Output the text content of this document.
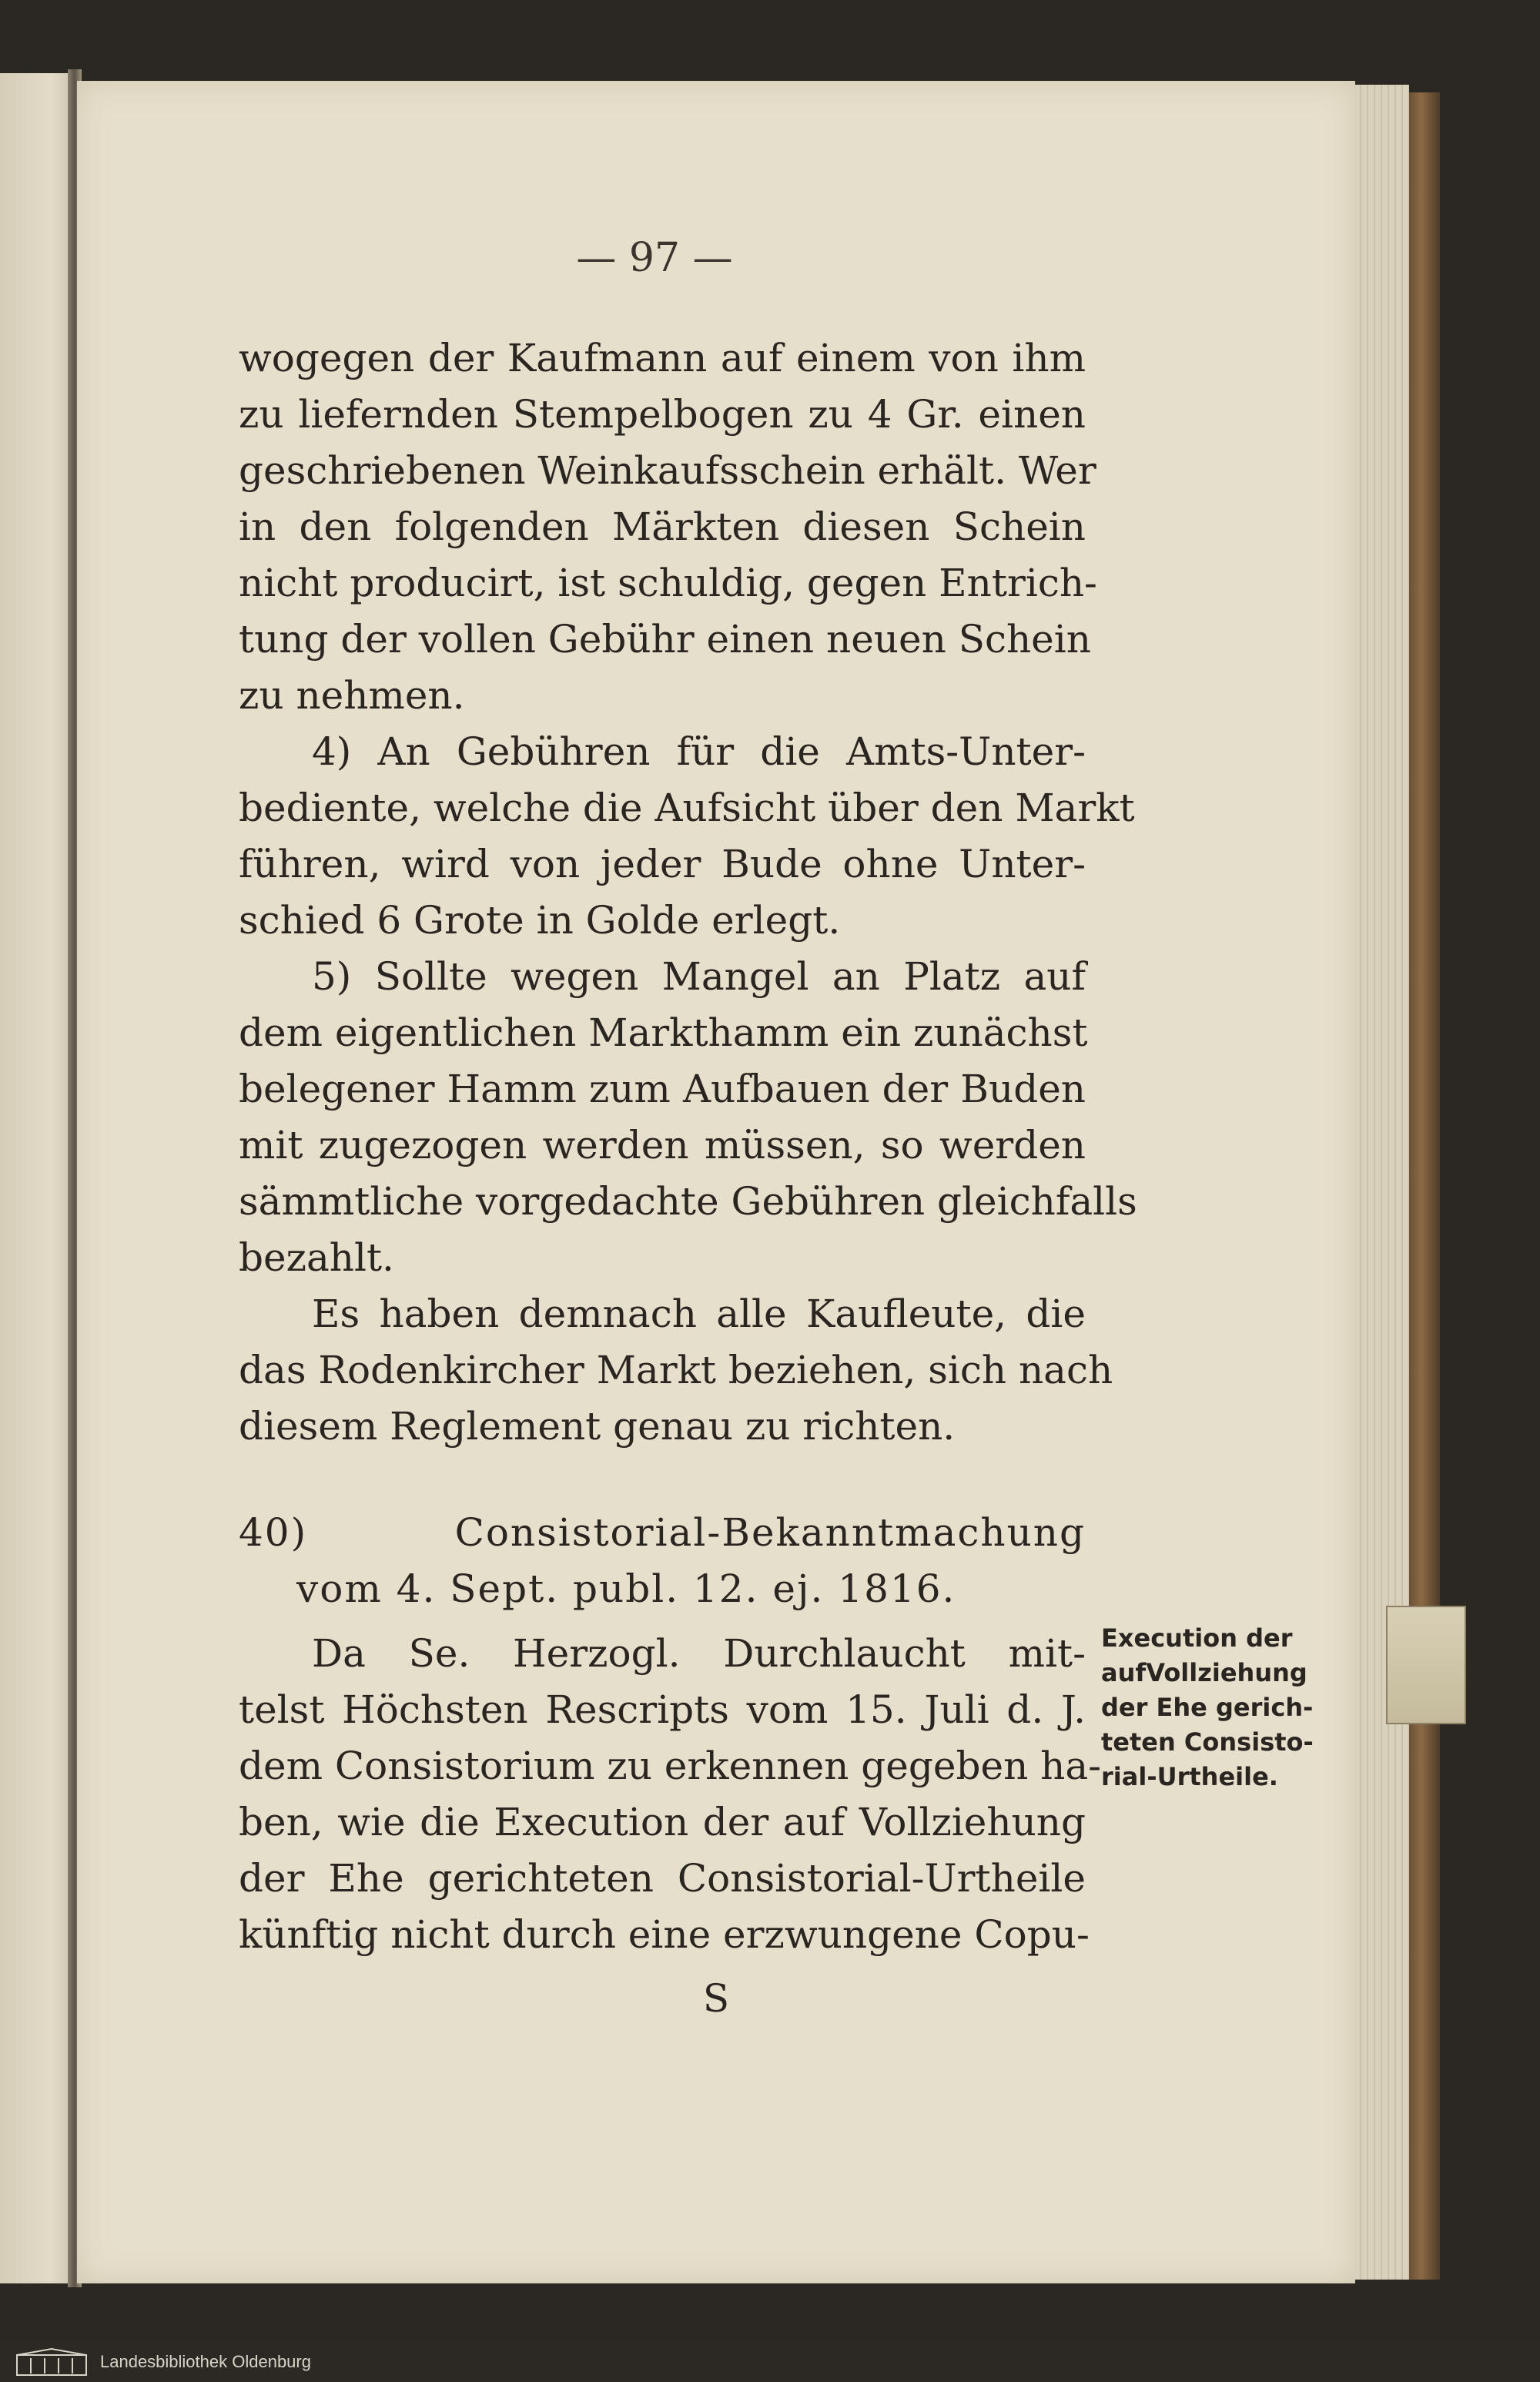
— 97 —
wogegen der Kaufmann auf einem von ihm
zu liefernden Stempelbogen zu 4 Gr. einen
geschriebenen Weinkaufsschein erhält. Wer
in den folgenden Märkten diesen Schein
nicht producirt, ist schuldig, gegen Entrich-
tung der vollen Gebühr einen neuen Schein
zu nehmen.
4) An Gebühren für die Amts-Unter-
bediente, welche die Aufsicht über den Markt
führen, wird von jeder Bude ohne Unter-
schied 6 Grote in Golde erlegt.
5) Sollte wegen Mangel an Platz auf
dem eigentlichen Markthamm ein zunächst
belegener Hamm zum Aufbauen der Buden
mit zugezogen werden müssen, so werden
sämmtliche vorgedachte Gebühren gleichfalls
bezahlt.
Es haben demnach alle Kaufleute, die
das Rodenkircher Markt beziehen, sich nach
diesem Reglement genau zu richten.
40) Consistorial-Bekanntmachung
vom 4. Sept. publ. 12. ej. 1816.
Da Se. Herzogl. Durchlaucht mit-
telst Höchsten Rescripts vom 15. Juli d. J.
dem Consistorium zu erkennen gegeben ha-
ben, wie die Execution der auf Vollziehung
der Ehe gerichteten Consistorial-Urtheile
künftig nicht durch eine erzwungene Copu-
S
Execution der
aufVollziehung
der Ehe gerich-
teten Consisto-
rial-Urtheile.
Landesbibliothek Oldenburg
